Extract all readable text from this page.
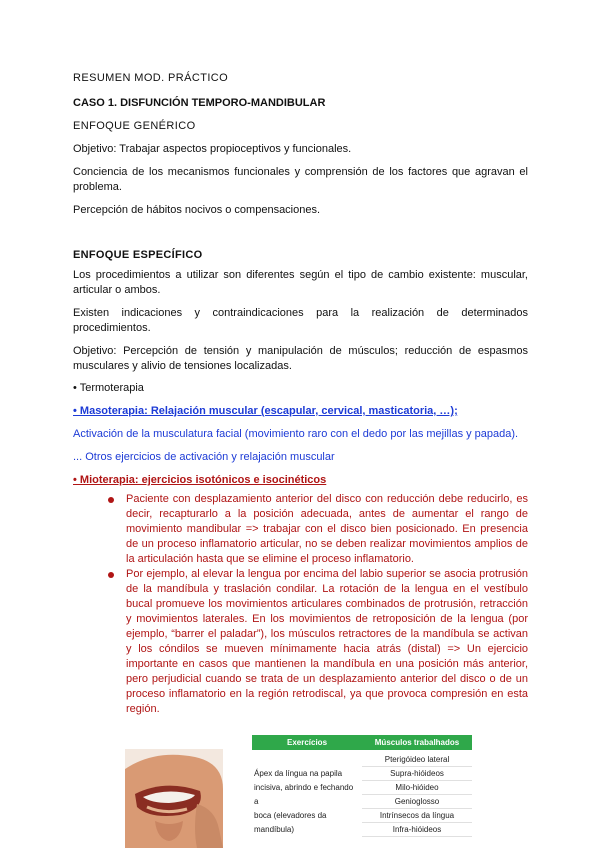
RESUMEN MOD. PRÁCTICO

CASO 1. DISFUNCIÓN TEMPORO-MANDIBULAR

ENFOQUE GENÉRICO

Objetivo: Trabajar aspectos propioceptivos y funcionales.

Conciencia de los mecanismos funcionales y comprensión de los factores que agravan el problema.

Percepción de hábitos nocivos o compensaciones.

ENFOQUE ESPECÍFICO

Los procedimientos a utilizar son diferentes según el tipo de cambio existente: muscular, articular o ambos.

Existen indicaciones y contraindicaciones para la realización de determinados procedimientos.

Objetivo: Percepción de tensión y manipulación de músculos; reducción de espasmos musculares y alivio de tensiones localizadas.

• Termoterapia

• Masoterapia: Relajación muscular (escapular, cervical, masticatoria, …);

Activación de la musculatura facial (movimiento raro con el dedo por las mejillas y papada).

... Otros ejercicios de activación y relajación muscular

• Mioterapia: ejercicios isotónicos e isocinéticos

Paciente con desplazamiento anterior del disco con reducción debe reducirlo, es decir, recapturarlo a la posición adecuada, antes de aumentar el rango de movimiento mandibular => trabajar con el disco bien posicionado. En presencia de un proceso inflamatorio articular, no se deben realizar movimientos amplios de la articulación hasta que se elimine el proceso inflamatorio.
Por ejemplo, al elevar la lengua por encima del labio superior se asocia protrusión de la mandíbula y traslación condilar. La rotación de la lengua en el vestíbulo bucal promueve los movimientos articulares combinados de protrusión, retracción y movimientos laterales. En los movimientos de retroposición de la lengua (por ejemplo, “barrer el paladar”), los músculos retractores de la mandíbula se activan y los cóndilos se mueven mínimamente hacia atrás (distal) => Un ejercicio importante en casos que mantienen la mandíbula en una posición más anterior, pero perjudicial cuando se trata de un desplazamiento anterior del disco o de un proceso inflamatorio en la región retrodiscal, ya que provoca compresión en esta región.
Exercícios	Músculos trabalhados
Ápex da língua na papila
incisiva, abrindo e fechando a
boca (elevadores da
mandíbula)
Pterigóideo lateral
Supra-hióideos
Milo-hióideo
Genioglosso
Intrínsecos da língua
Infra-hióideos
